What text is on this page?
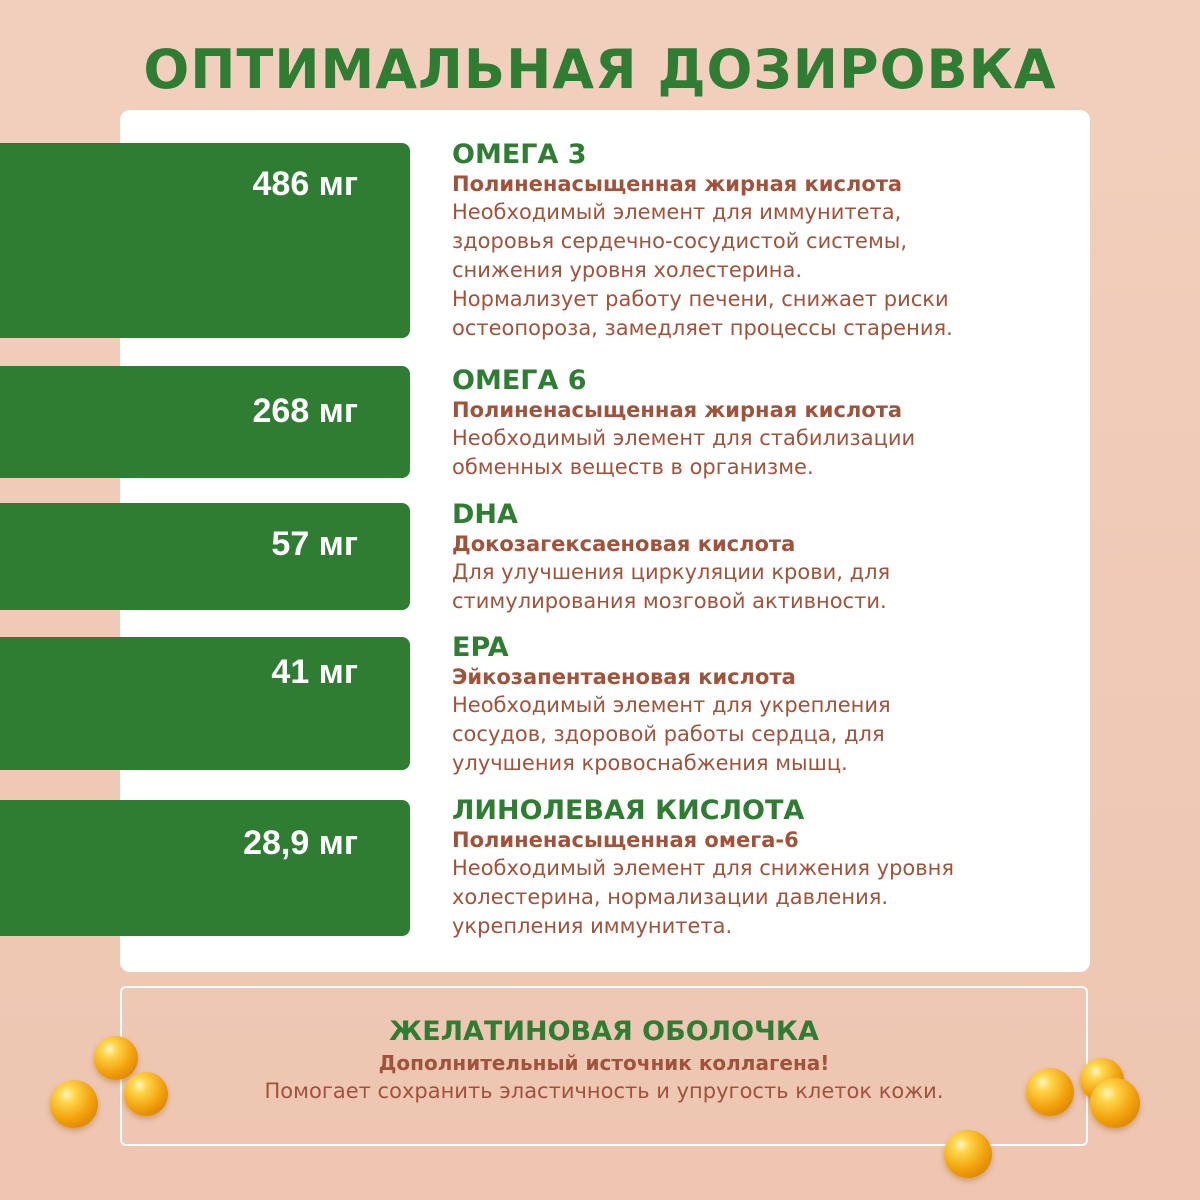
ОПТИМАЛЬНАЯ ДОЗИРОВКА
486 мг
ОМЕГА 3
Полиненасыщенная жирная кислота
Необходимый элемент для иммунитета,
здоровья сердечно-сосудистой системы,
снижения уровня холестерина.
Нормализует работу печени, снижает риски
остеопороза, замедляет процессы старения.
268 мг
ОМЕГА 6
Полиненасыщенная жирная кислота
Необходимый элемент для стабилизации
обменных веществ в организме.
57 мг
DHA
Докозагексаеновая кислота
Для улучшения циркуляции крови, для
стимулирования мозговой активности.
41 мг
EPA
Эйкозапентаеновая кислота
Необходимый элемент для укрепления
сосудов, здоровой работы сердца, для
улучшения кровоснабжения мышц.
28,9 мг
ЛИНОЛЕВАЯ КИСЛОТА
Полиненасыщенная омега-6
Необходимый элемент для снижения уровня
холестерина, нормализации давления.
укрепления иммунитета.
ЖЕЛАТИНОВАЯ ОБОЛОЧКА
Дополнительный источник коллагена!
Помогает сохранить эластичность и упругость клеток кожи.
